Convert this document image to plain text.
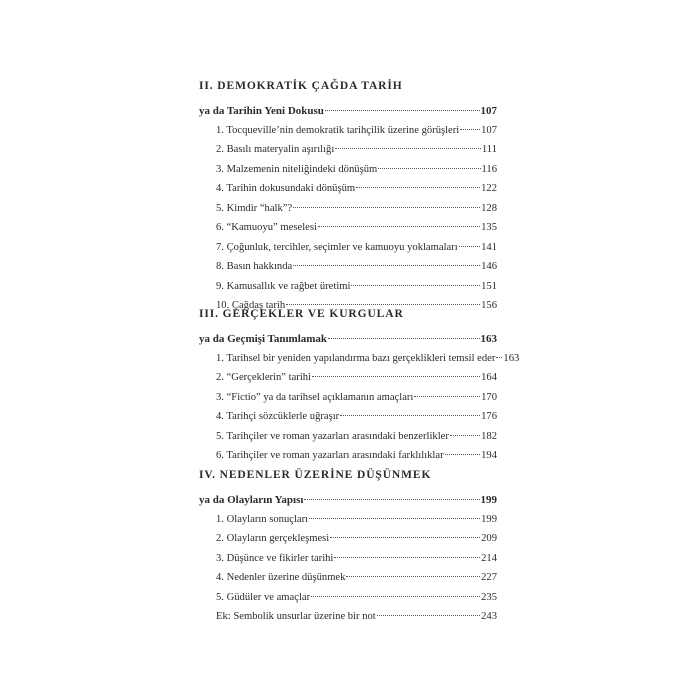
II. DEMOKRATİK ÇAĞDA TARİH
ya da Tarihin Yeni Dokusu	107
1. Tocqueville’nin demokratik tarihçilik üzerine görüşleri 107
2. Basılı materyalin aşırılığı	111
3. Malzemenin niteliğindeki dönüşüm	116
4. Tarihin dokusundaki dönüşüm	122
5. Kimdir “halk”?	128
6. “Kamuoyu” meselesi	135
7. Çoğunluk, tercihler, seçimler ve kamuoyu yoklamaları 141
8. Basın hakkında	146
9. Kamusallık ve rağbet üretimi	151
10. Çağdaş tarih	156
III. GERÇEKLER VE KURGULAR
ya da Geçmişi Tanımlamak	163
1. Tarihsel bir yeniden yapılandırma bazı gerçeklikleri temsil eder 163
2. “Gerçeklerin” tarihi	164
3. “Fictio” ya da tarihsel açıklamanın amaçları	170
4. Tarihçi sözcüklerle uğraşır	176
5. Tarihçiler ve roman yazarları arasındaki benzerlikler	182
6. Tarihçiler ve roman yazarları arasındaki farklılıklar	194
IV. NEDENLER ÜZERİNE DÜŞÜNMEK
ya da Olayların Yapısı	199
1. Olayların sonuçları	199
2. Olayların gerçekleşmesi	209
3. Düşünce ve fikirler tarihi	214
4. Nedenler üzerine düşünmek	227
5. Güdüler ve amaçlar	235
Ek: Sembolik unsurlar üzerine bir not	243
